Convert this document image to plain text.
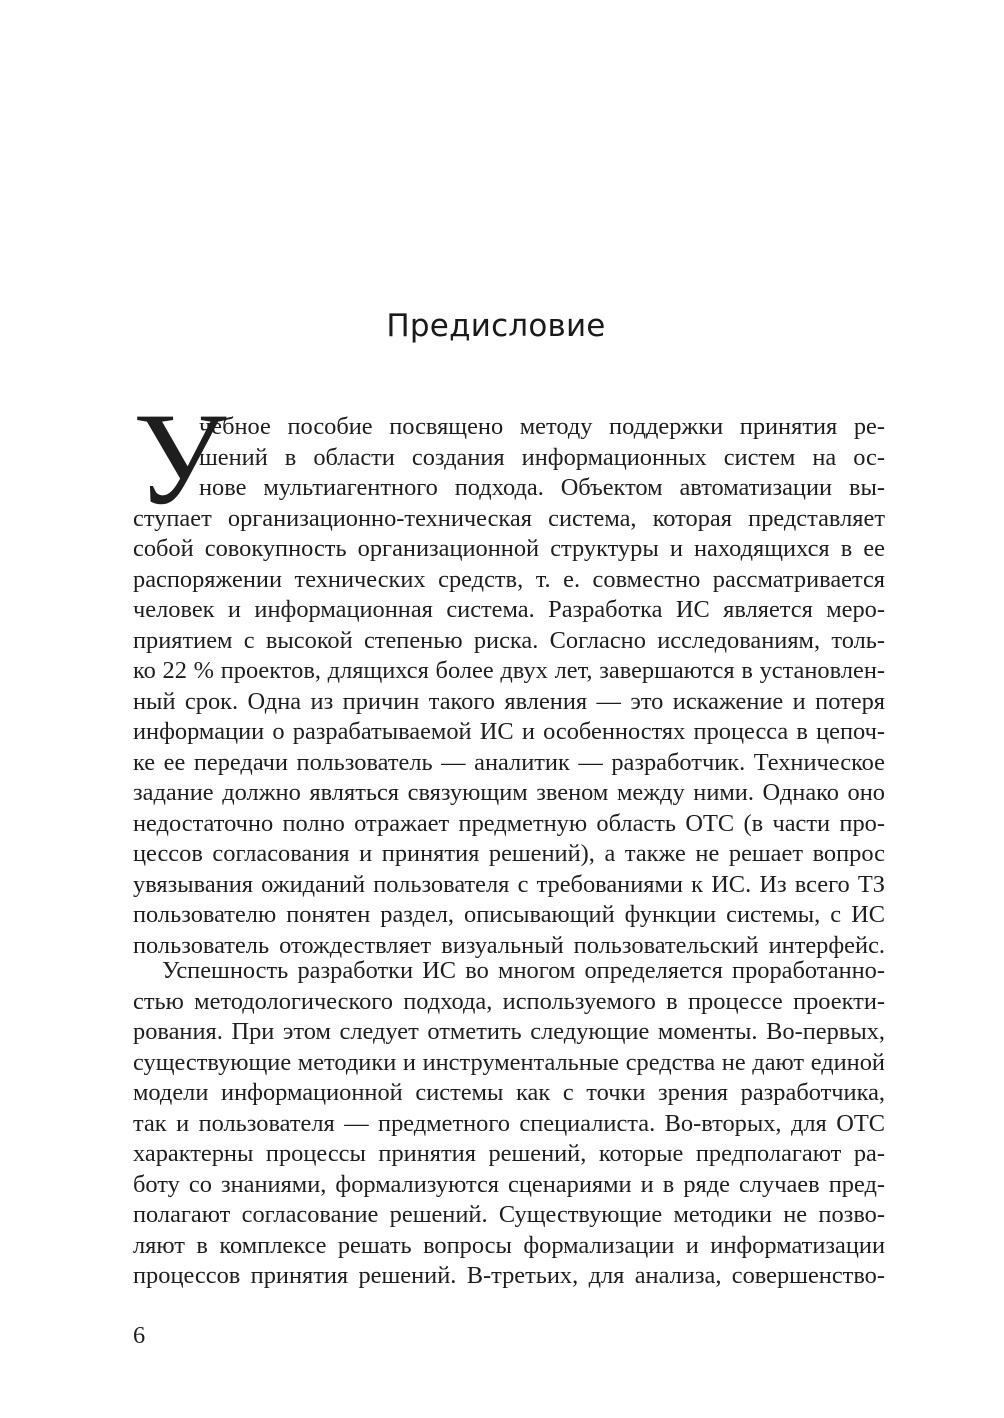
Предисловие
У
чебное пособие посвящено методу поддержки принятия ре-
шений в области создания информационных систем на ос-
нове мультиагентного подхода. Объектом автоматизации вы-
ступает организационно-техническая система, которая представляет
собой совокупность организационной структуры и находящихся в ее
распоряжении технических средств, т. е. совместно рассматривается
человек и информационная система. Разработка ИС является меро-
приятием с высокой степенью риска. Согласно исследованиям, толь-
ко 22 % проектов, длящихся более двух лет, завершаются в установлен-
ный срок. Одна из причин такого явления — это искажение и потеря
информации о разрабатываемой ИС и особенностях процесса в цепоч-
ке ее передачи пользователь — аналитик — разработчик. Техническое
задание должно являться связующим звеном между ними. Однако оно
недостаточно полно отражает предметную область ОТС (в части про-
цессов согласования и принятия решений), а также не решает вопрос
увязывания ожиданий пользователя с требованиями к ИС. Из всего ТЗ
пользователю понятен раздел, описывающий функции системы, с ИС
пользователь отождествляет визуальный пользовательский интерфейс.
Успешность разработки ИС во многом определяется проработанно-
стью методологического подхода, используемого в процессе проекти-
рования. При этом следует отметить следующие моменты. Во-первых,
существующие методики и инструментальные средства не дают единой
модели информационной системы как с точки зрения разработчика,
так и пользователя — предметного специалиста. Во-вторых, для ОТС
характерны процессы принятия решений, которые предполагают ра-
боту со знаниями, формализуются сценариями и в ряде случаев пред-
полагают согласование решений. Существующие методики не позво-
ляют в комплексе решать вопросы формализации и информатизации
процессов принятия решений. В-третьих, для анализа, совершенство-
6
